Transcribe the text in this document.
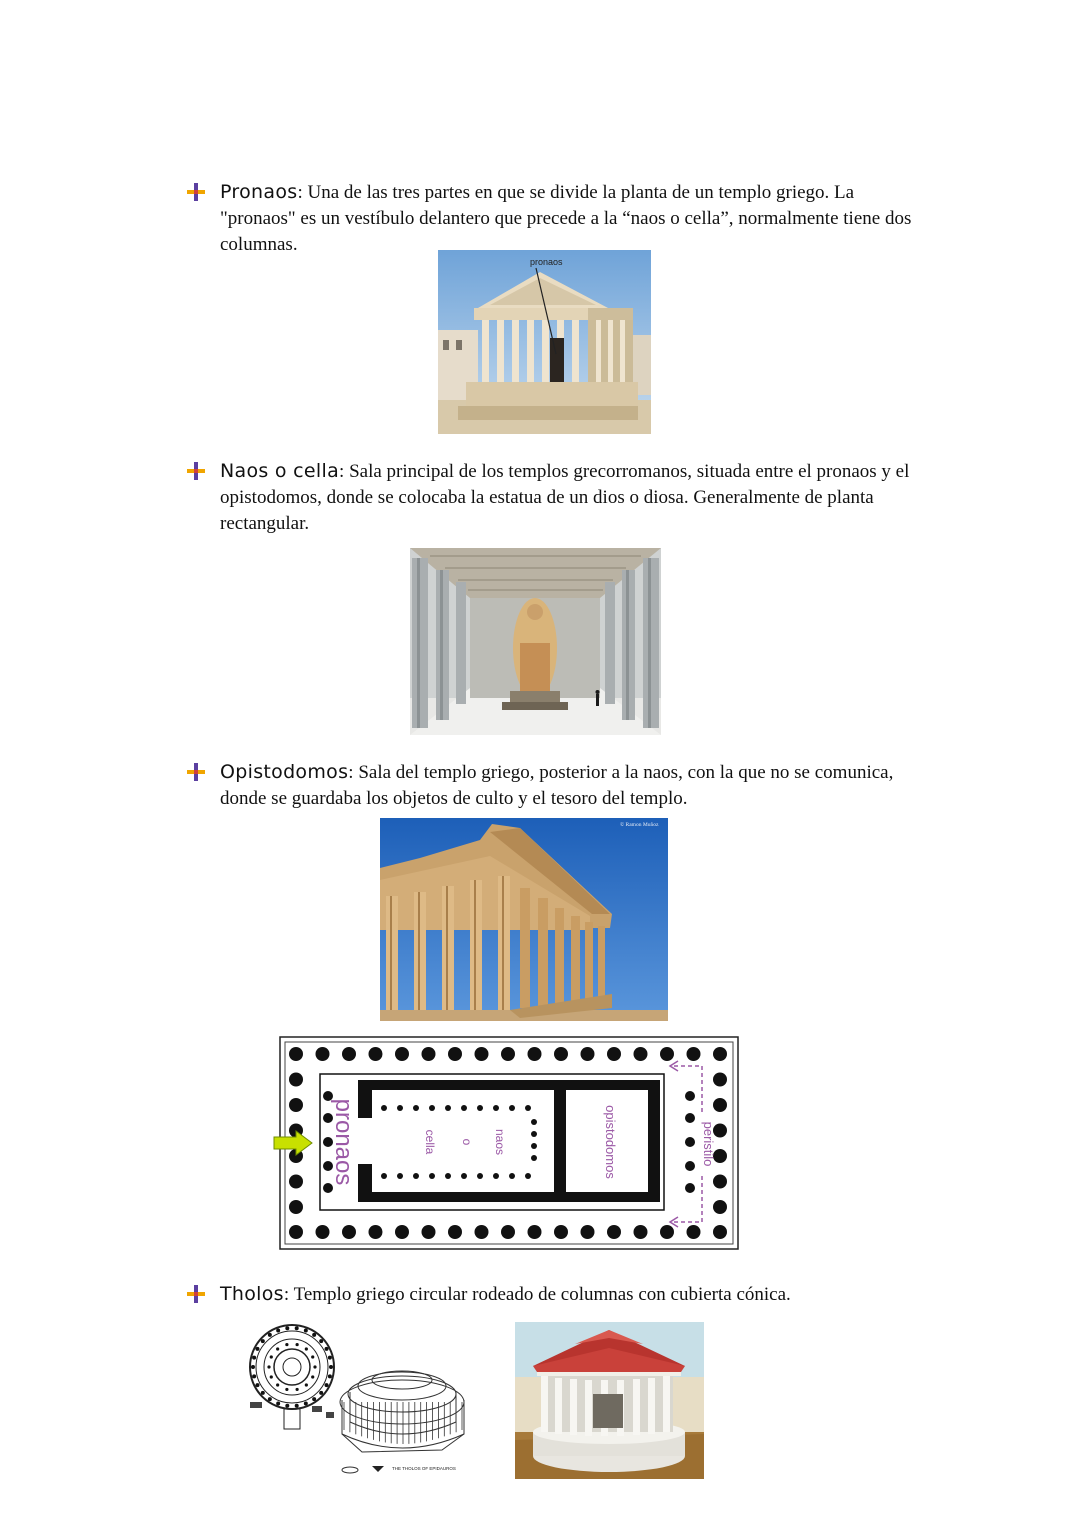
Pronaos: Una de las tres partes en que se divide la planta de un templo griego. La "pronaos" es un vestíbulo delantero que precede a la “naos o cella”, normalmente tiene dos columnas.

pronaos

Naos o cella: Sala principal de los templos grecorromanos, situada entre el pronaos y el opistodomos, donde se colocaba la estatua de un dios o diosa. Generalmente de planta rectangular.

Opistodomos: Sala del templo griego, posterior a la naos, con la que no se comunica, donde se guardaba los objetos de culto y el tesoro del templo.

© Ramon Muñoz
pronaos	cella o naos	opistodomos	peristilo

Tholos: Templo griego circular rodeado de columnas con cubierta cónica.

THE THOLOS OF EPIDAUROS
